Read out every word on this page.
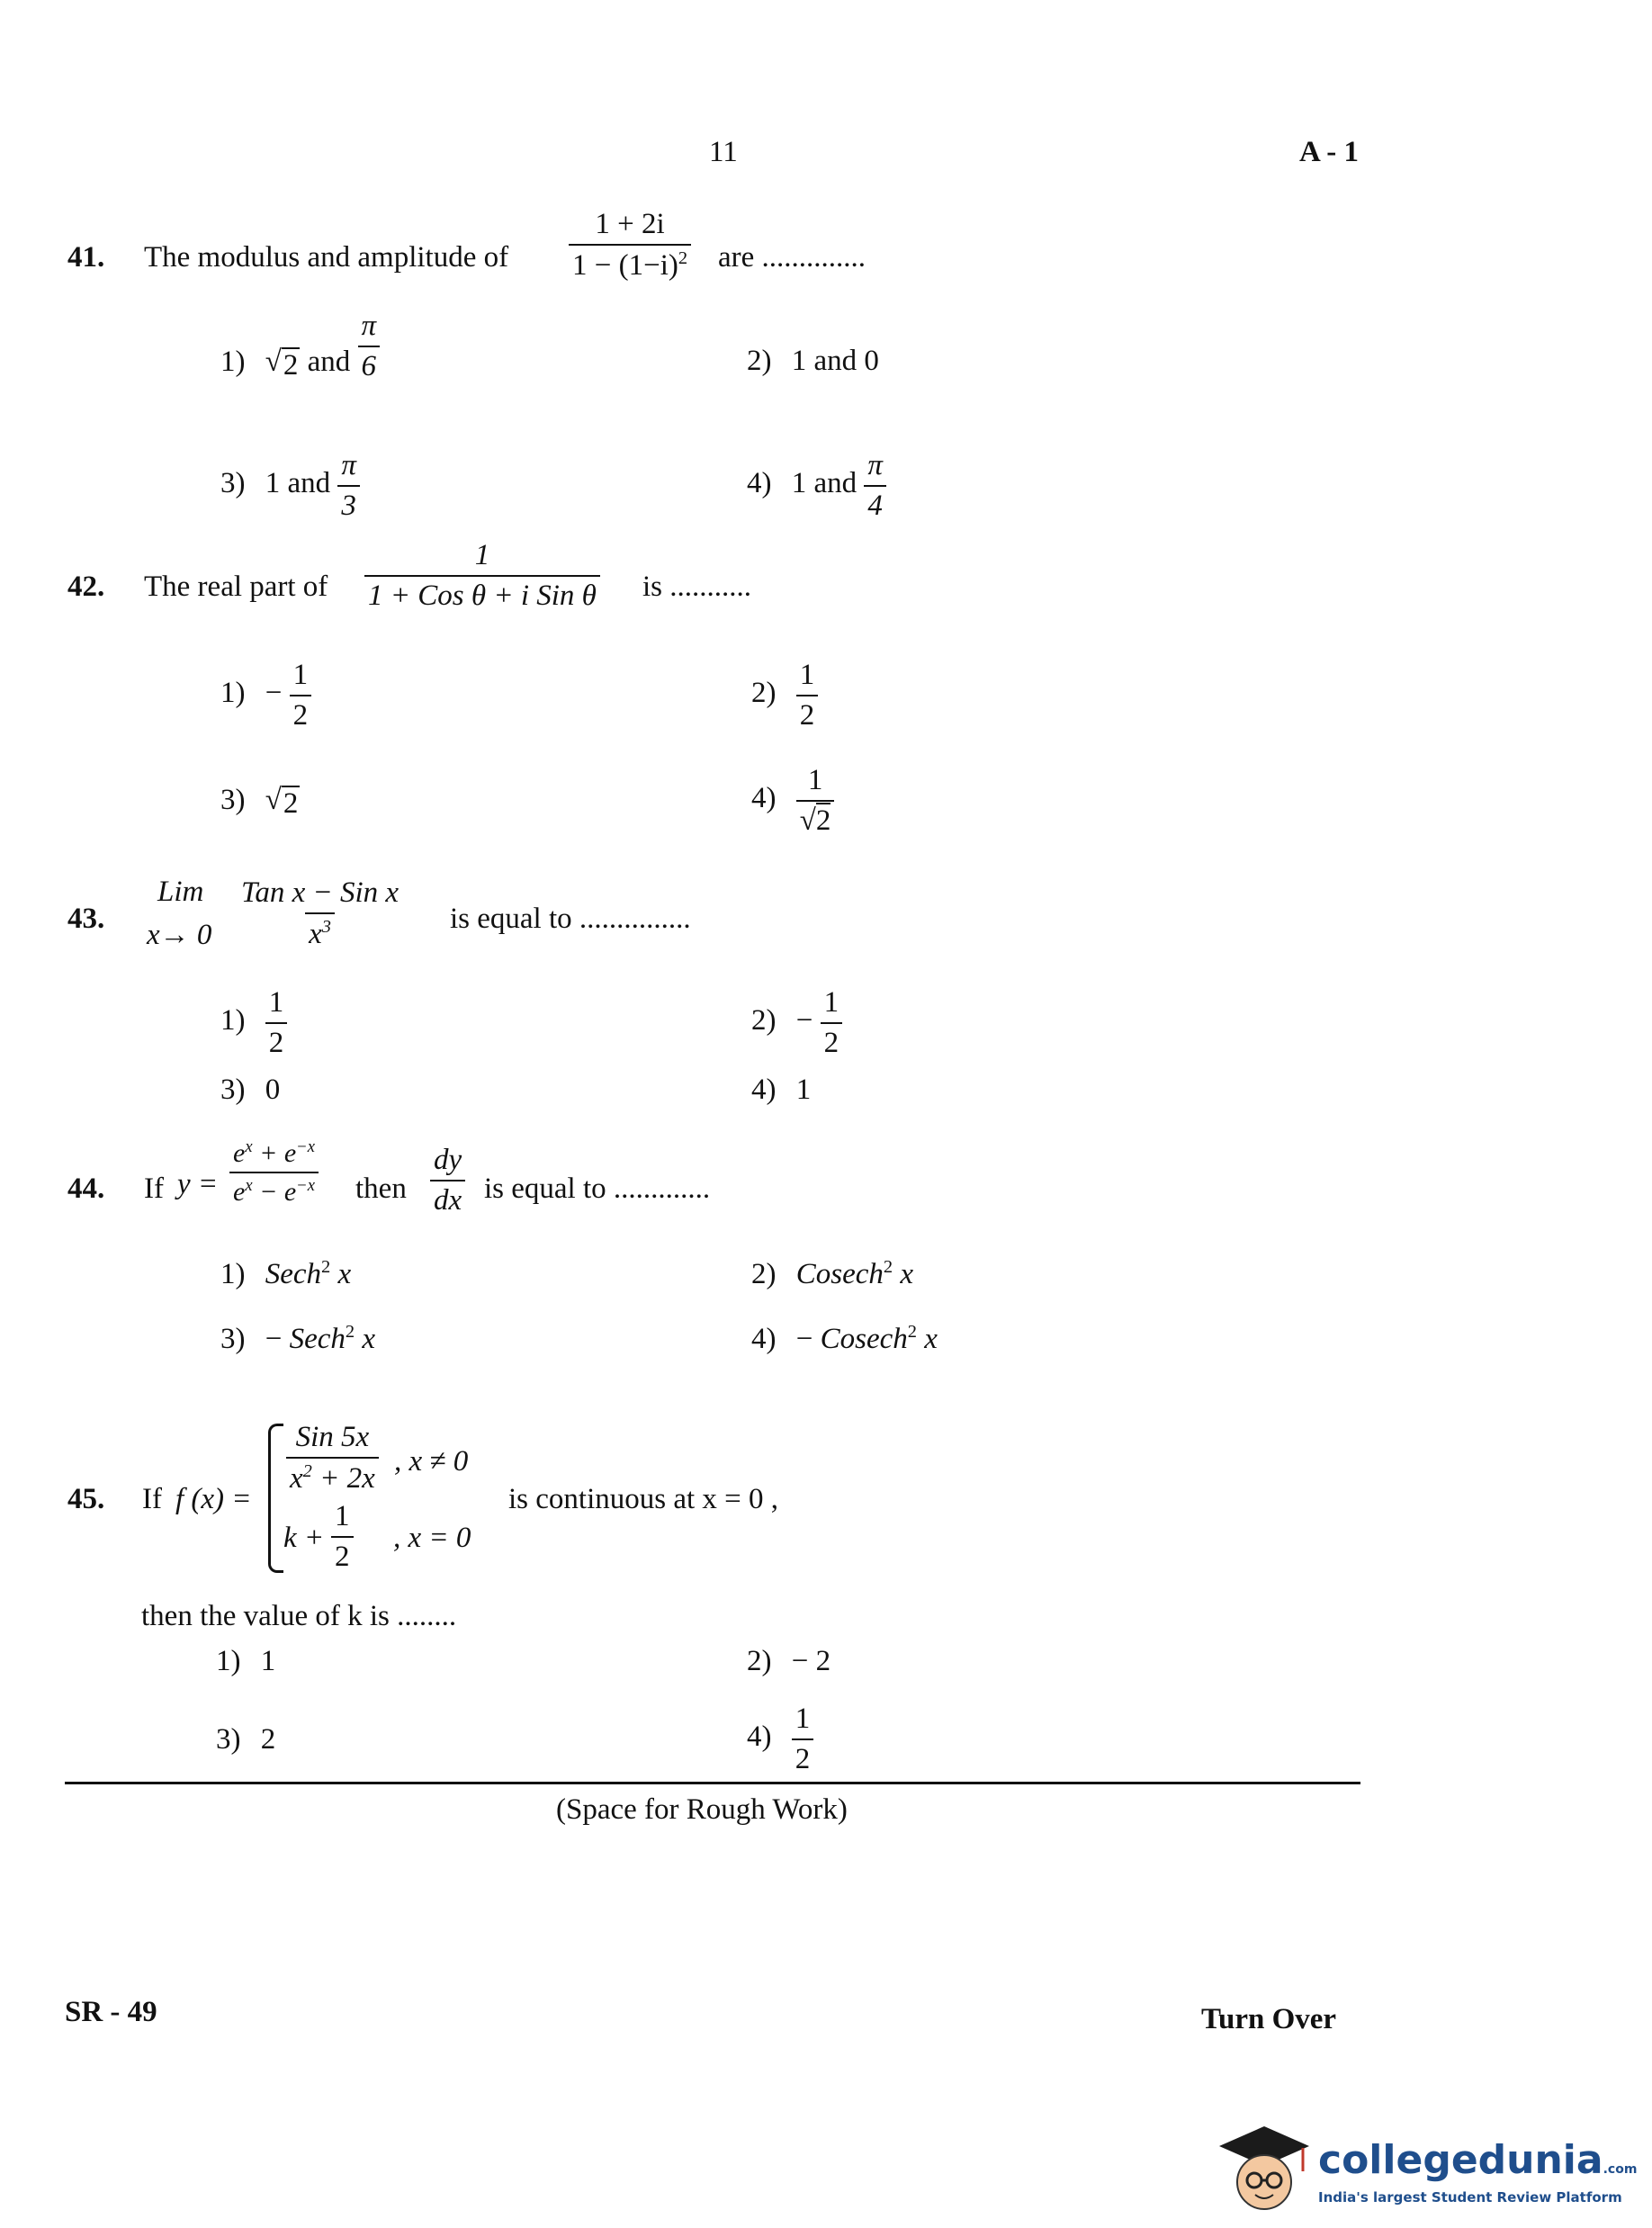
11	A - 1
41. The modulus and amplitude of $\frac{1 + 2i}{1 - (1-i)^2}$ are ..............
1) √ 2 and $\frac{\pi}{6}$	2) 1 and 0
3) 1 and $\frac{\pi}{3}$	4) 1 and $\frac{\pi}{4}$
42. The real part of $\frac{1}{\text{1 + Cos θ + i Sin θ}}$ is ...........
$1) - \frac{1}{2}$	$2) \frac{1}{2}$
3) √ 2	$4) \frac{1}{√2}$
43.
Lim
$x\to 0 \frac{\text{Tan x − Sin x}}{x^3}$ is equal to ...............
$1) \frac{1}{2}$	$2) - \frac{1}{2}$
3) 0	4) 1
44. If $y = \frac{e^x + e^{-x}}{e^x - e^{-x}}$ then $\frac{dy}{dx}$ is equal to .............
1) Sech$^2$ x	2) Cosech$^2$ x
3) − Sech$^2$ x	4) − Cosech$^2$ x
45. If f (x) =
$\frac{\text{Sin 5x}}{x^2 + 2x}$ , x ≠ 0
$k + \frac{1}{2}$ , x = 0
is continuous at x = 0 ,
then the value of k is ........
1) 1	2) − 2
3) 2	$4) \frac{1}{2}$
(Space for Rough Work)
SR - 49	Turn Over
collegedunia.com
India's largest Student Review Platform
